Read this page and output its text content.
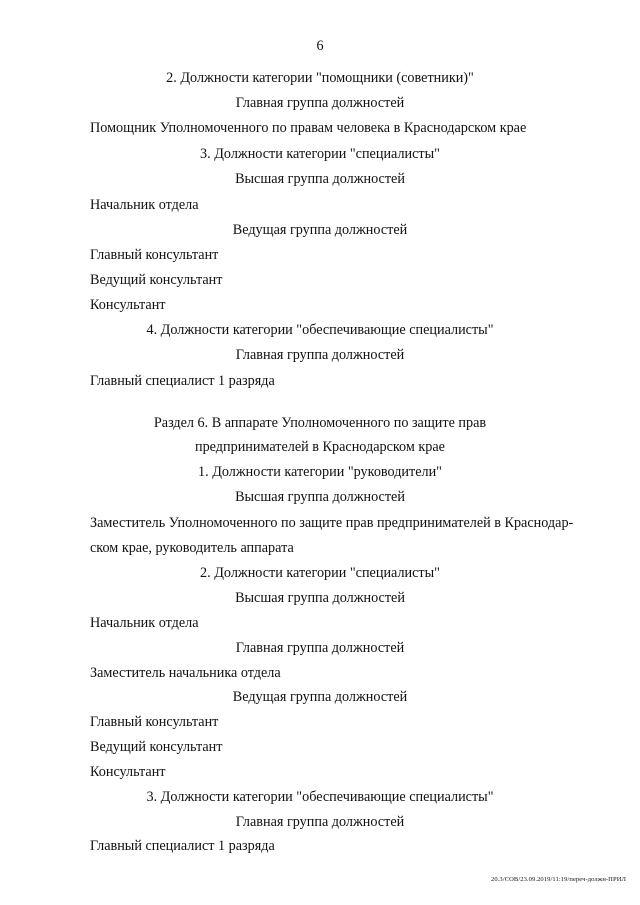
6
2. Должности категории "помощники (советники)"
Главная группа должностей
Помощник Уполномоченного по правам человека в Краснодарском крае
3. Должности категории "специалисты"
Высшая группа должностей
Начальник отдела
Ведущая группа должностей
Главный консультант
Ведущий консультант
Консультант
4. Должности категории "обеспечивающие специалисты"
Главная группа должностей
Главный специалист 1 разряда
Раздел 6. В аппарате Уполномоченного по защите прав
предпринимателей в Краснодарском крае
1. Должности категории "руководители"
Высшая группа должностей
Заместитель Уполномоченного по защите прав предпринимателей в Краснодар-
ском крае, руководитель аппарата
2. Должности категории "специалисты"
Высшая группа должностей
Начальник отдела
Главная группа должностей
Заместитель начальника отдела
Ведущая группа должностей
Главный консультант
Ведущий консультант
Консультант
3. Должности категории "обеспечивающие специалисты"
Главная группа должностей
Главный специалист 1 разряда
20.3/СОВ/23.09.2019/11:19/переч-должн-ПРИЛ
